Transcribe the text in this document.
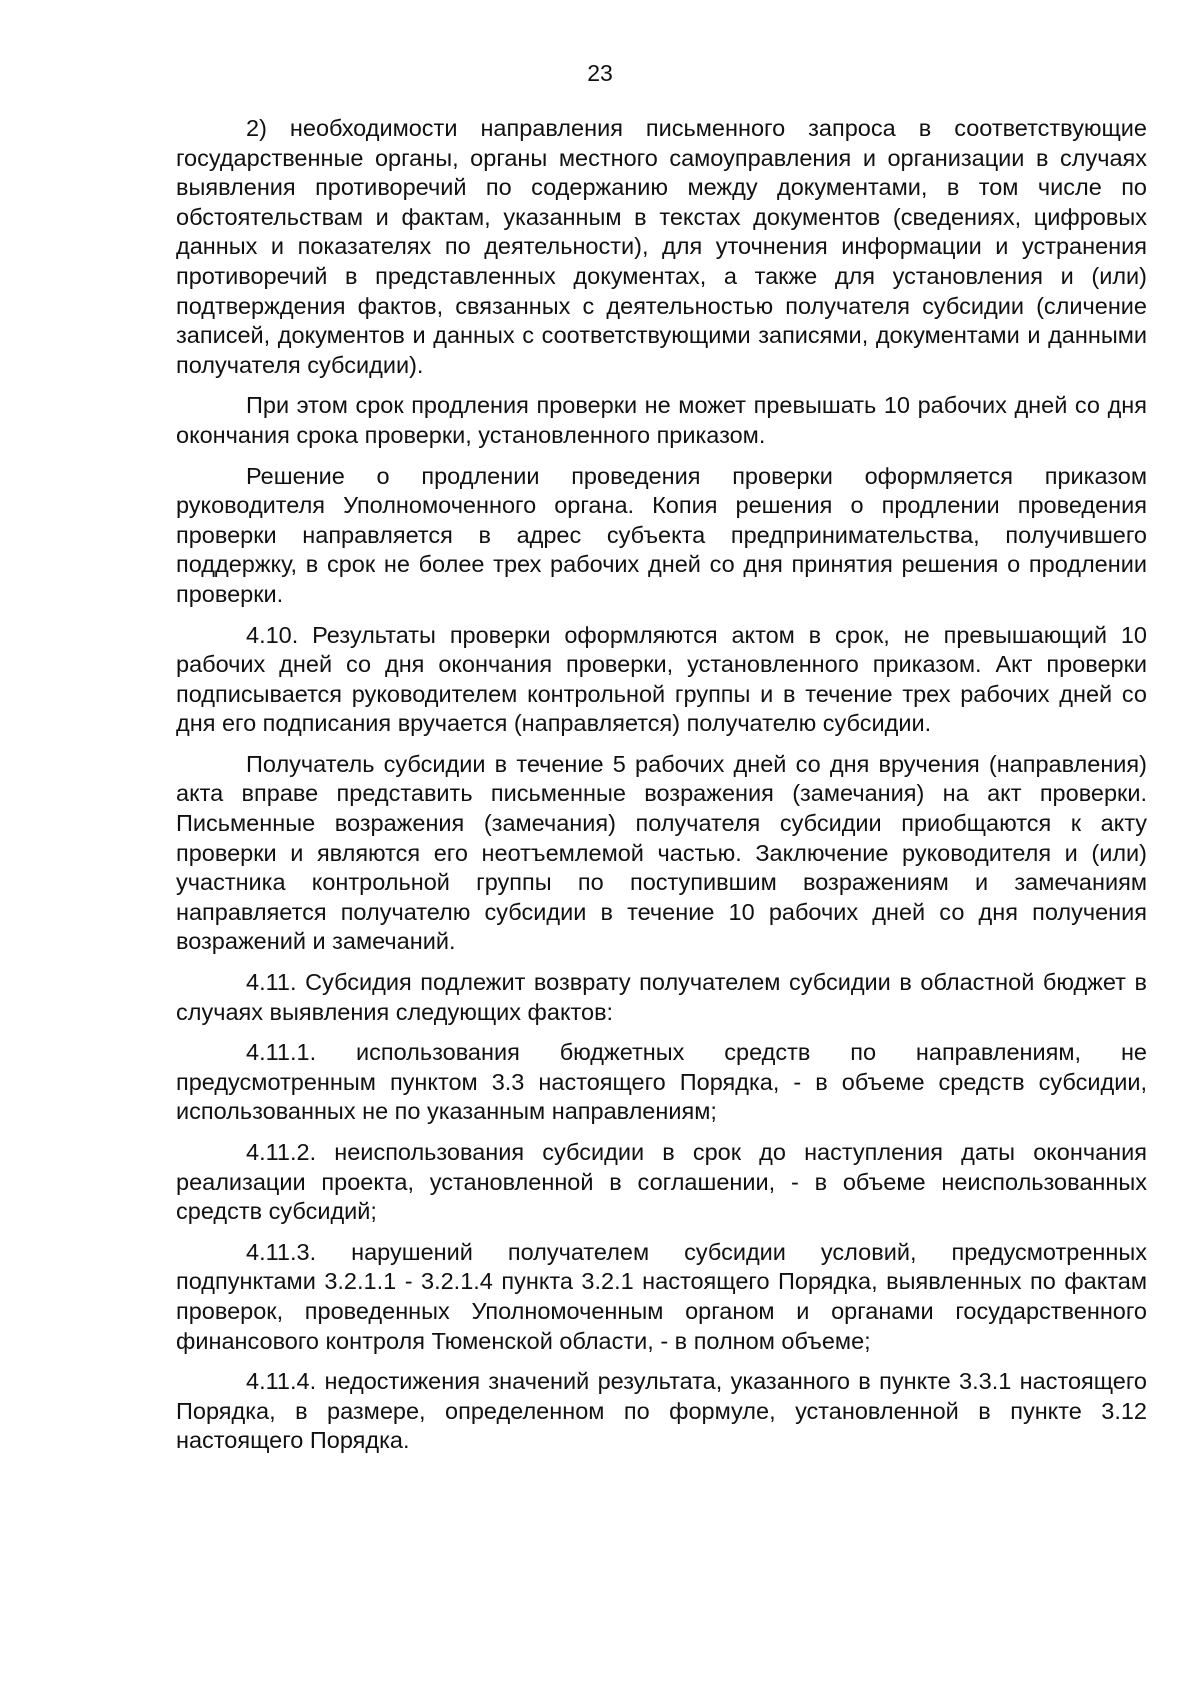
23

2) необходимости направления письменного запроса в соответствующие государственные органы, органы местного самоуправления и организации в случаях выявления противоречий по содержанию между документами, в том числе по обстоятельствам и фактам, указанным в текстах документов (сведениях, цифровых данных и показателях по деятельности), для уточнения информации и устранения противоречий в представленных документах, а также для установления и (или) подтверждения фактов, связанных с деятельностью получателя субсидии (сличение записей, документов и данных с соответствующими записями, документами и данными получателя субсидии).

При этом срок продления проверки не может превышать 10 рабочих дней со дня окончания срока проверки, установленного приказом.

Решение о продлении проведения проверки оформляется приказом руководителя Уполномоченного органа. Копия решения о продлении проведения проверки направляется в адрес субъекта предпринимательства, получившего поддержку, в срок не более трех рабочих дней со дня принятия решения о продлении проверки.

4.10. Результаты проверки оформляются актом в срок, не превышающий 10 рабочих дней со дня окончания проверки, установленного приказом. Акт проверки подписывается руководителем контрольной группы и в течение трех рабочих дней со дня его подписания вручается (направляется) получателю субсидии.

Получатель субсидии в течение 5 рабочих дней со дня вручения (направления) акта вправе представить письменные возражения (замечания) на акт проверки. Письменные возражения (замечания) получателя субсидии приобщаются к акту проверки и являются его неотъемлемой частью. Заключение руководителя и (или) участника контрольной группы по поступившим возражениям и замечаниям направляется получателю субсидии в течение 10 рабочих дней со дня получения возражений и замечаний.

4.11. Субсидия подлежит возврату получателем субсидии в областной бюджет в случаях выявления следующих фактов:

4.11.1. использования бюджетных средств по направлениям, не предусмотренным пунктом 3.3 настоящего Порядка, - в объеме средств субсидии, использованных не по указанным направлениям;

4.11.2. неиспользования субсидии в срок до наступления даты окончания реализации проекта, установленной в соглашении, - в объеме неиспользованных средств субсидий;

4.11.3. нарушений получателем субсидии условий, предусмотренных подпунктами 3.2.1.1 - 3.2.1.4 пункта 3.2.1 настоящего Порядка, выявленных по фактам проверок, проведенных Уполномоченным органом и органами государственного финансового контроля Тюменской области, - в полном объеме;

4.11.4. недостижения значений результата, указанного в пункте 3.3.1 настоящего Порядка, в размере, определенном по формуле, установленной в пункте 3.12 настоящего Порядка.
